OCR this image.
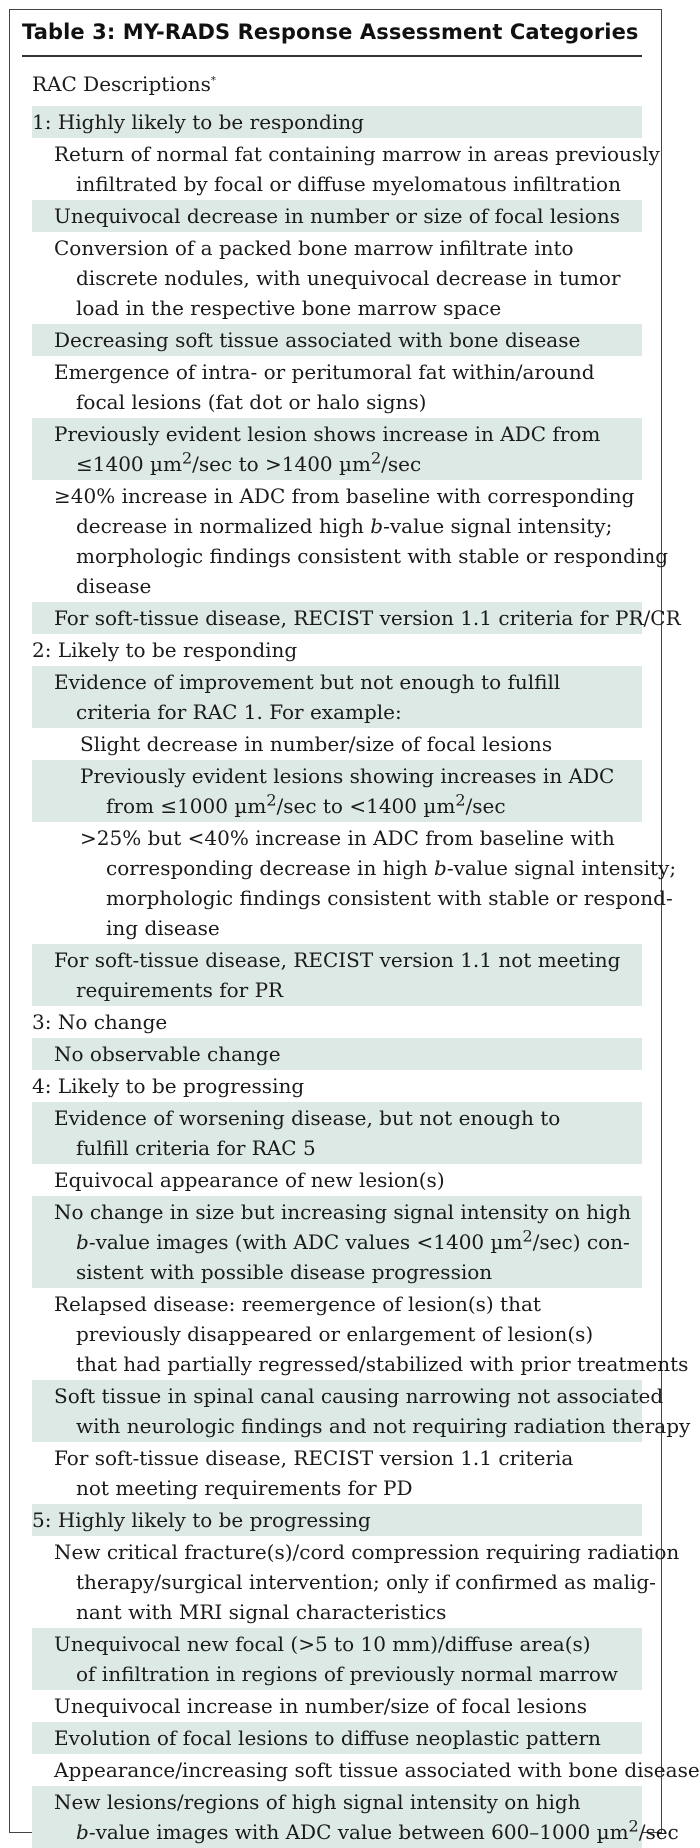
Table 3: MY-RADS Response Assessment Categories
RAC Descriptions*
1: Highly likely to be responding
Return of normal fat containing marrow in areas previously
infiltrated by focal or diffuse myelomatous infiltration
Unequivocal decrease in number or size of focal lesions
Conversion of a packed bone marrow infiltrate into
discrete nodules, with unequivocal decrease in tumor
load in the respective bone marrow space
Decreasing soft tissue associated with bone disease
Emergence of intra- or peritumoral fat within/around
focal lesions (fat dot or halo signs)
Previously evident lesion shows increase in ADC from
≤1400 µm$^2$/sec to >1400 µm$^2$/sec
≥40% increase in ADC from baseline with corresponding
decrease in normalized high b-value signal intensity;
morphologic findings consistent with stable or responding
disease
For soft-tissue disease, RECIST version 1.1 criteria for PR/CR
2: Likely to be responding
Evidence of improvement but not enough to fulfill
criteria for RAC 1. For example:
Slight decrease in number/size of focal lesions
Previously evident lesions showing increases in ADC
from ≤1000 µm$^2$/sec to <1400 µm$^2$/sec
>25% but <40% increase in ADC from baseline with
corresponding decrease in high b-value signal intensity;
morphologic findings consistent with stable or respond-
ing disease
For soft-tissue disease, RECIST version 1.1 not meeting
requirements for PR
3: No change
No observable change
4: Likely to be progressing
Evidence of worsening disease, but not enough to
fulfill criteria for RAC 5
Equivocal appearance of new lesion(s)
No change in size but increasing signal intensity on high
b-value images (with ADC values <1400 µm$^2$/sec) con-
sistent with possible disease progression
Relapsed disease: reemergence of lesion(s) that
previously disappeared or enlargement of lesion(s)
that had partially regressed/stabilized with prior treatments
Soft tissue in spinal canal causing narrowing not associated
with neurologic findings and not requiring radiation therapy
For soft-tissue disease, RECIST version 1.1 criteria
not meeting requirements for PD
5: Highly likely to be progressing
New critical fracture(s)/cord compression requiring radiation
therapy/surgical intervention; only if confirmed as malig-
nant with MRI signal characteristics
Unequivocal new focal (>5 to 10 mm)/diffuse area(s)
of infiltration in regions of previously normal marrow
Unequivocal increase in number/size of focal lesions
Evolution of focal lesions to diffuse neoplastic pattern
Appearance/increasing soft tissue associated with bone disease
New lesions/regions of high signal intensity on high
b-value images with ADC value between 600–1000 µm$^2$/sec
